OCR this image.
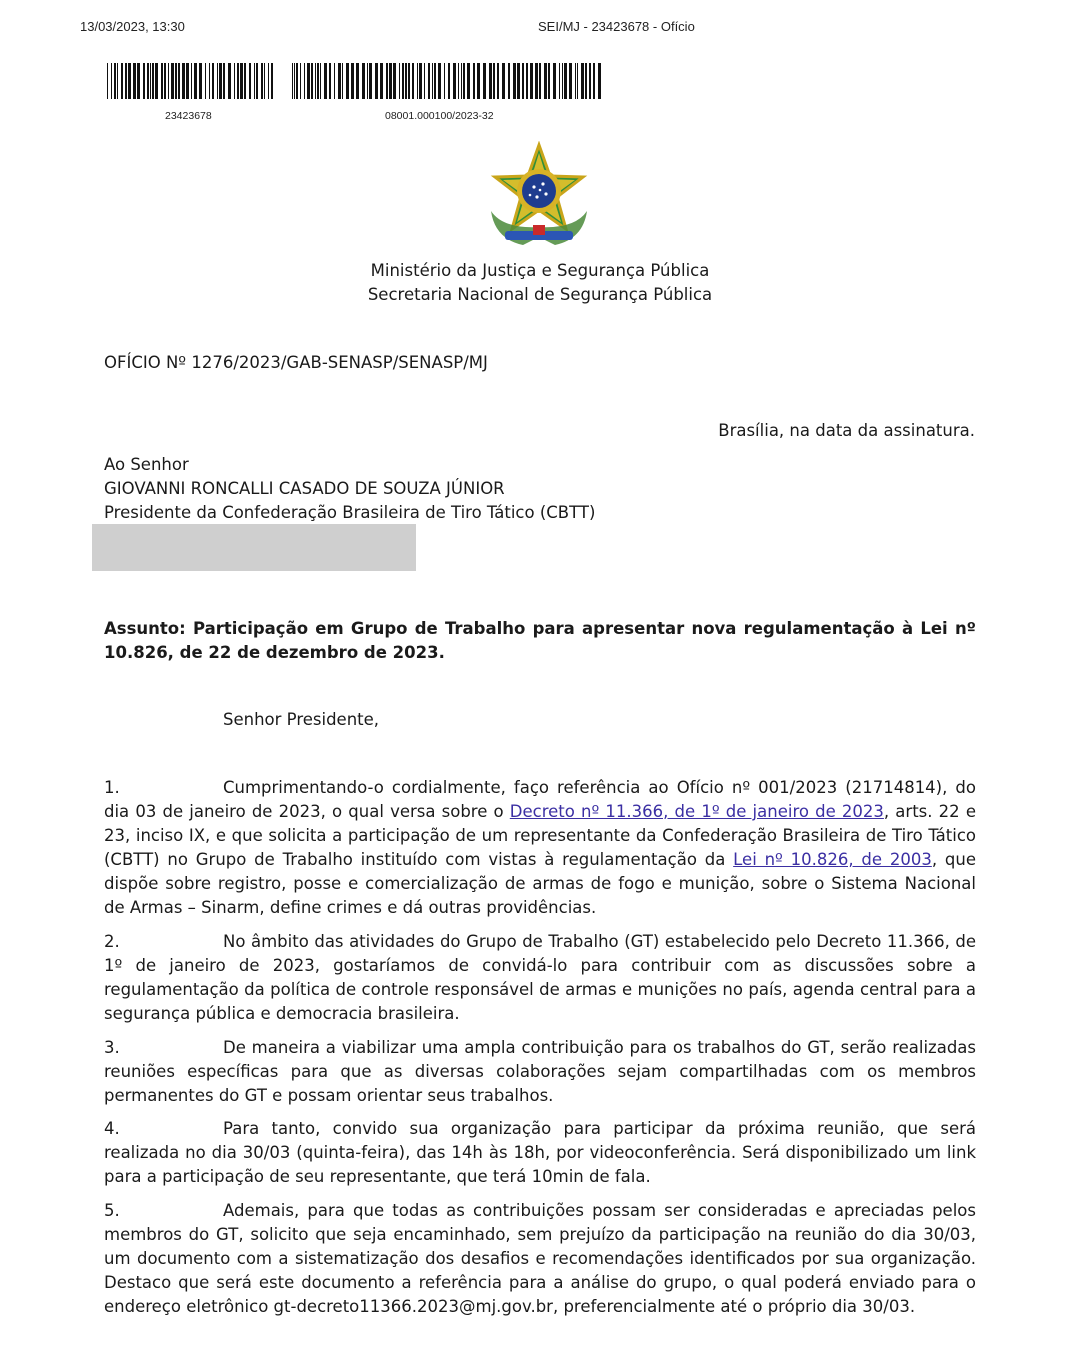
13/03/2023, 13:30	SEI/MJ - 23423678 - Ofício
23423678	08001.000100/2023-32
Ministério da Justiça e Segurança Pública
Secretaria Nacional de Segurança Pública
OFÍCIO Nº 1276/2023/GAB-SENASP/SENASP/MJ
Brasília, na data da assinatura.
Ao Senhor
GIOVANNI RONCALLI CASADO DE SOUZA JÚNIOR
Presidente da Confederação Brasileira de Tiro Tático (CBTT)
Assunto: Participação em Grupo de Trabalho para apresentar nova regulamentação à Lei nº 10.826, de 22 de dezembro de 2023.
Senhor Presidente,
1.	Cumprimentando-o cordialmente, faço referência ao Ofício nº 001/2023 (21714814), do dia 03 de janeiro de 2023, o qual versa sobre o Decreto nº 11.366, de 1º de janeiro de 2023, arts. 22 e 23, inciso IX, e que solicita a participação de um representante da Confederação Brasileira de Tiro Tático (CBTT) no Grupo de Trabalho instituído com vistas à regulamentação da Lei nº 10.826, de 2003, que dispõe sobre registro, posse e comercialização de armas de fogo e munição, sobre o Sistema Nacional de Armas – Sinarm, define crimes e dá outras providências.
2.	No âmbito das atividades do Grupo de Trabalho (GT) estabelecido pelo Decreto 11.366, de 1º de janeiro de 2023, gostaríamos de convidá-lo para contribuir com as discussões sobre a regulamentação da política de controle responsável de armas e munições no país, agenda central para a segurança pública e democracia brasileira.
3.	De maneira a viabilizar uma ampla contribuição para os trabalhos do GT, serão realizadas reuniões específicas para que as diversas colaborações sejam compartilhadas com os membros permanentes do GT e possam orientar seus trabalhos.
4.	Para tanto, convido sua organização para participar da próxima reunião, que será realizada no dia 30/03 (quinta-feira), das 14h às 18h, por videoconferência. Será disponibilizado um link para a participação de seu representante, que terá 10min de fala.
5.	Ademais, para que todas as contribuições possam ser consideradas e apreciadas pelos membros do GT, solicito que seja encaminhado, sem prejuízo da participação na reunião do dia 30/03, um documento com a sistematização dos desafios e recomendações identificados por sua organização. Destaco que será este documento a referência para a análise do grupo, o qual poderá enviado para o endereço eletrônico gt-decreto11366.2023@mj.gov.br, preferencialmente até o próprio dia 30/03.
